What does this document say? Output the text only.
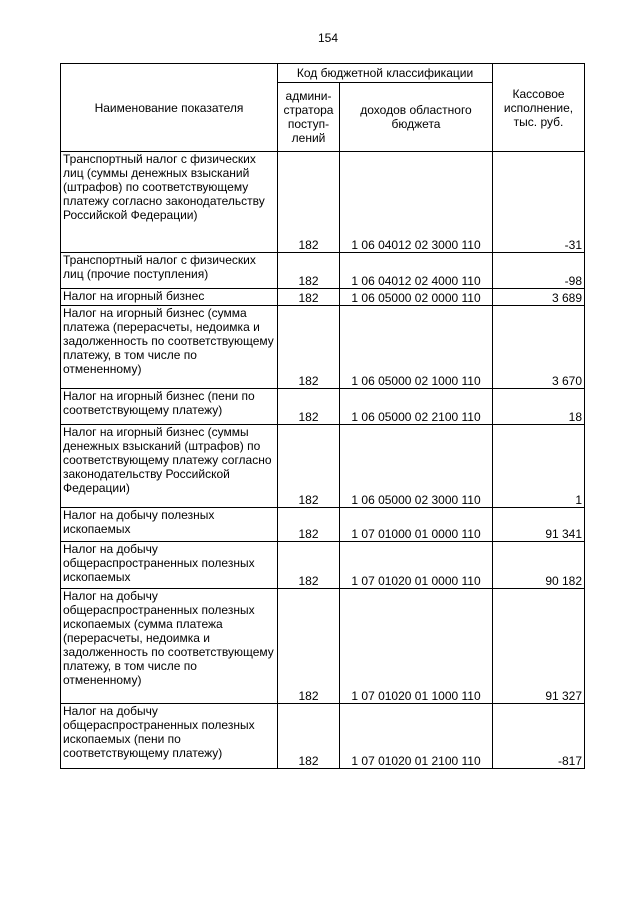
154
Наименование показателя	Код бюджетной классификации		Кассовое исполнение, тыс. руб.
	админи-стратора поступ-лений	доходов областного бюджета	
Транспортный налог с физических лиц (суммы денежных взысканий (штрафов) по соответствующему платежу согласно законодательству Российской Федерации)	182	1 06 04012 02 3000 110	-31
Транспортный налог с физических лиц (прочие поступления)	182	1 06 04012 02 4000 110	-98
Налог на игорный бизнес	182	1 06 05000 02 0000 110	3 689
Налог на игорный бизнес (сумма платежа (перерасчеты, недоимка и задолженность по соответствующему платежу, в том числе по отмененному)	182	1 06 05000 02 1000 110	3 670
Налог на игорный бизнес (пени по соответствующему платежу)	182	1 06 05000 02 2100 110	18
Налог на игорный бизнес (суммы денежных взысканий (штрафов) по соответствующему платежу согласно законодательству Российской Федерации)	182	1 06 05000 02 3000 110	1
Налог на добычу полезных ископаемых	182	1 07 01000 01 0000 110	91 341
Налог на добычу общераспространенных полезных ископаемых	182	1 07 01020 01 0000 110	90 182
Налог на добычу общераспространенных полезных ископаемых (сумма платежа (перерасчеты, недоимка и задолженность по соответствующему платежу, в том числе по отмененному)	182	1 07 01020 01 1000 110	91 327
Налог на добычу общераспространенных полезных ископаемых (пени по соответствующему платежу)	182	1 07 01020 01 2100 110	-817
